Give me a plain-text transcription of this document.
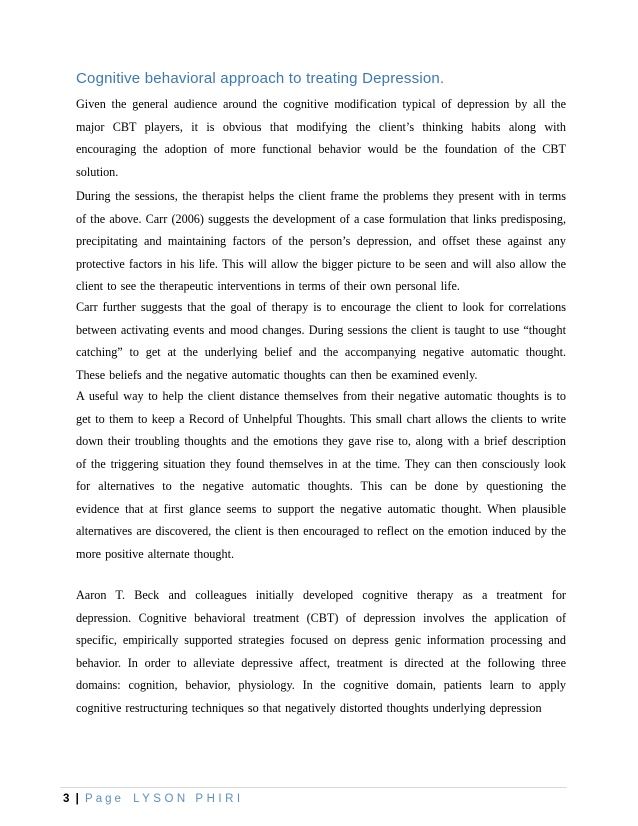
Cognitive behavioral approach to treating Depression.
Given the general audience around the cognitive modification typical of depression by all the
major CBT players, it is obvious that modifying the client’s thinking habits along with
encouraging the adoption of more functional behavior would be the foundation of the CBT
solution.
During the sessions, the therapist helps the client frame the problems they present with in terms
of the above. Carr (2006) suggests the development of a case formulation that links predisposing,
precipitating and maintaining factors of the person’s depression, and offset these against any
protective factors in his life. This will allow the bigger picture to be seen and will also allow the
client to see the therapeutic interventions in terms of their own personal life.
Carr further suggests that the goal of therapy is to encourage the client to look for correlations
between activating events and mood changes. During sessions the client is taught to use “thought
catching” to get at the underlying belief and the accompanying negative automatic thought.
These beliefs and the negative automatic thoughts can then be examined evenly.
A useful way to help the client distance themselves from their negative automatic thoughts is to
get to them to keep a Record of Unhelpful Thoughts. This small chart allows the clients to write
down their troubling thoughts and the emotions they gave rise to, along with a brief description
of the triggering situation they found themselves in at the time. They can then consciously look
for alternatives to the negative automatic thoughts. This can be done by questioning the
evidence that at first glance seems to support the negative automatic thought. When plausible
alternatives are discovered, the client is then encouraged to reflect on the emotion induced by the
more positive alternate thought.
Aaron T. Beck and colleagues initially developed cognitive therapy as a treatment for
depression. Cognitive behavioral treatment (CBT) of depression involves the application of
specific, empirically supported strategies focused on depress genic information processing and
behavior. In order to alleviate depressive affect, treatment is directed at the following three
domains: cognition, behavior, physiology. In the cognitive domain, patients learn to apply
cognitive restructuring techniques so that negatively distorted thoughts underlying depression
3 | Page LYSON PHIRI
